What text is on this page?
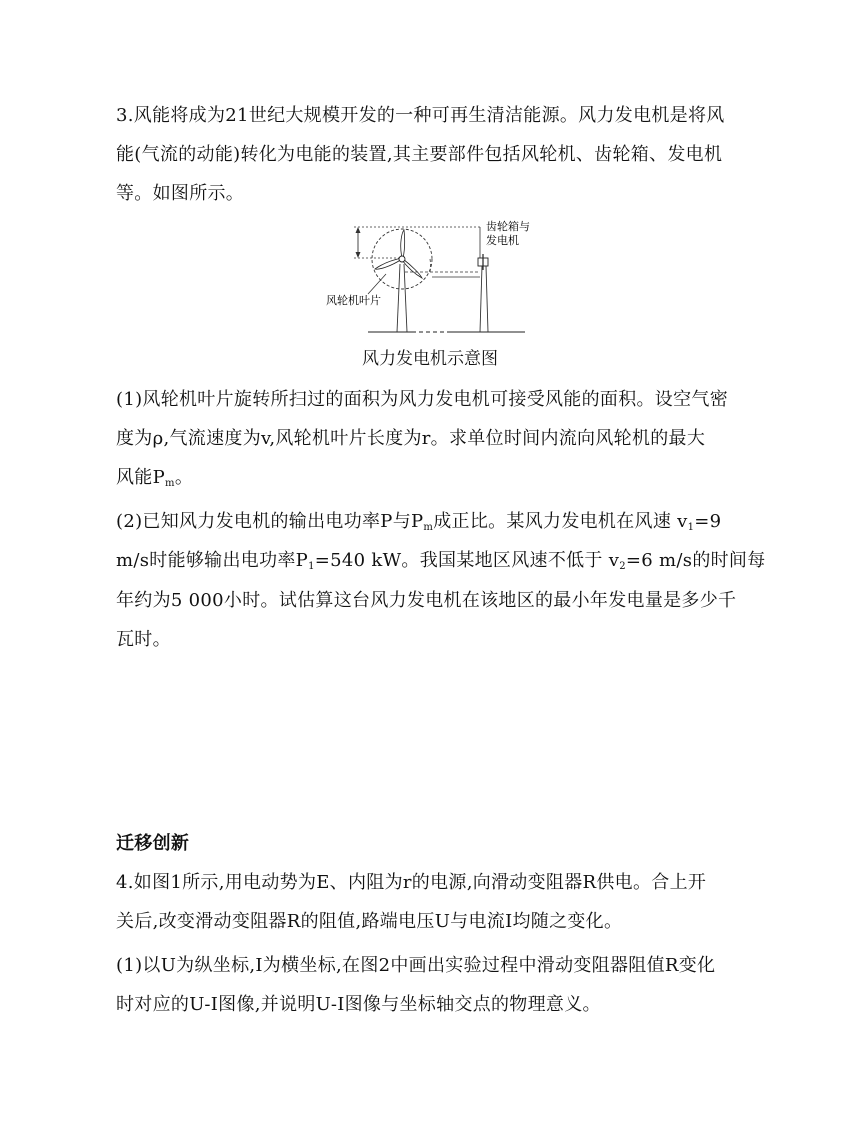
3.风能将成为21世纪大规模开发的一种可再生清洁能源。风力发电机是将风
能(气流的动能)转化为电能的装置,其主要部件包括风轮机、齿轮箱、发电机
等。如图所示。
齿轮箱与
发电机
风轮机叶片
风力发电机示意图
(1)风轮机叶片旋转所扫过的面积为风力发电机可接受风能的面积。设空气密
度为ρ,气流速度为v,风轮机叶片长度为r。求单位时间内流向风轮机的最大
风能$P_m$。
(2)已知风力发电机的输出电功率P与$P_m$成正比。某风力发电机在风速 $v_1=9$
m/s时能够输出电功率$P_1=540$ kW。我国某地区风速不低于 $v_2=6$ m/s的时间每
年约为5 000小时。试估算这台风力发电机在该地区的最小年发电量是多少千
瓦时。
迁移创新
4.如图1所示,用电动势为E、内阻为r的电源,向滑动变阻器R供电。合上开
关后,改变滑动变阻器R的阻值,路端电压U与电流I均随之变化。
(1)以U为纵坐标,I为横坐标,在图2中画出实验过程中滑动变阻器阻值R变化
时对应的U-I图像,并说明U-I图像与坐标轴交点的物理意义。
